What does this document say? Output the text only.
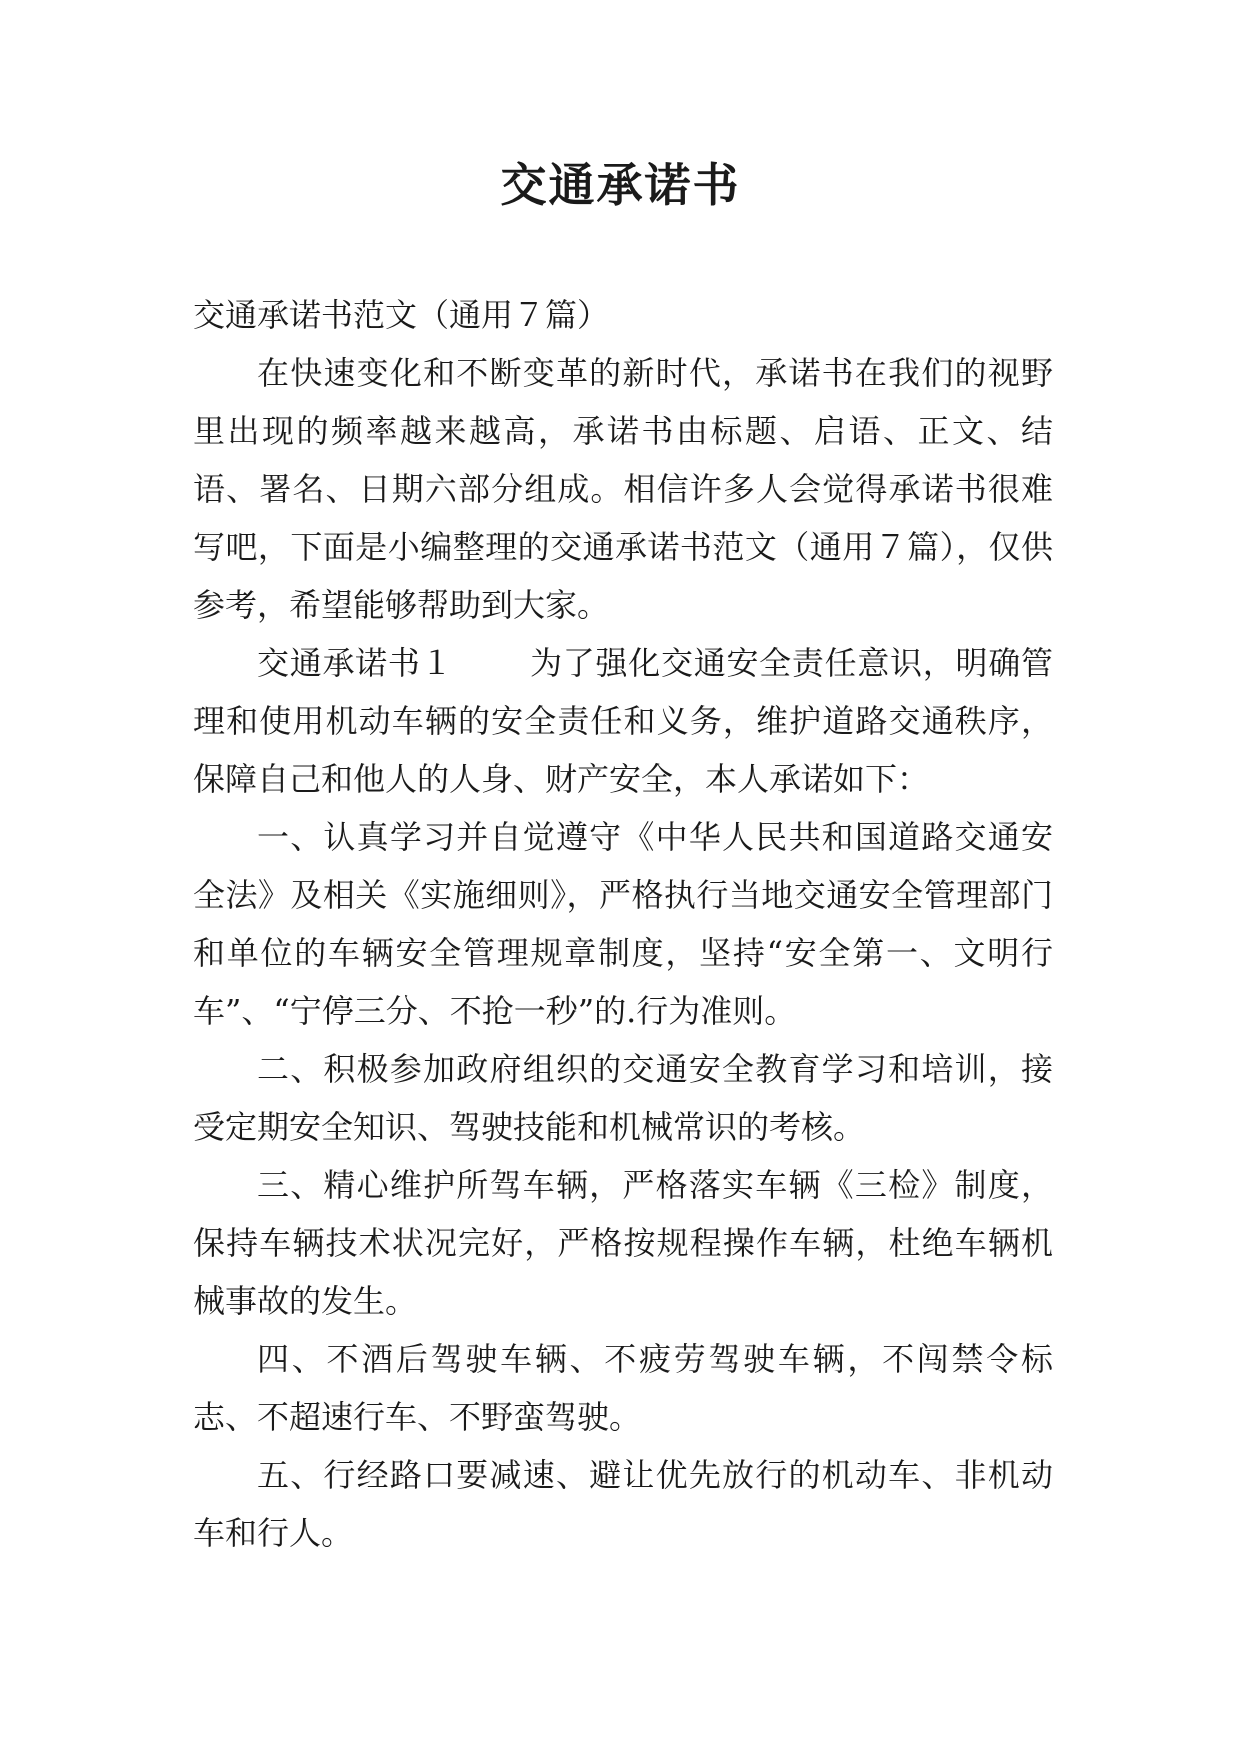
交通承诺书

交通承诺书范文（通用７篇）

在快速变化和不断变革的新时代，承诺书在我们的视野里出现的频率越来越高，承诺书由标题、启语、正文、结语、署名、日期六部分组成。相信许多人会觉得承诺书很难写吧，下面是小编整理的交通承诺书范文（通用７篇），仅供参考，希望能够帮助到大家。

交通承诺书１ 为了强化交通安全责任意识，明确管理和使用机动车辆的安全责任和义务，维护道路交通秩序，保障自己和他人的人身、财产安全，本人承诺如下：

一、认真学习并自觉遵守《中华人民共和国道路交通安全法》及相关《实施细则》，严格执行当地交通安全管理部门和单位的车辆安全管理规章制度，坚持“安全第一、文明行车”、“宁停三分、不抢一秒”的.行为准则。

二、积极参加政府组织的交通安全教育学习和培训，接受定期安全知识、驾驶技能和机械常识的考核。

三、精心维护所驾车辆，严格落实车辆《三检》制度，保持车辆技术状况完好，严格按规程操作车辆，杜绝车辆机械事故的发生。

四、不酒后驾驶车辆、不疲劳驾驶车辆，不闯禁令标志、不超速行车、不野蛮驾驶。

五、行经路口要减速、避让优先放行的机动车、非机动车和行人。
